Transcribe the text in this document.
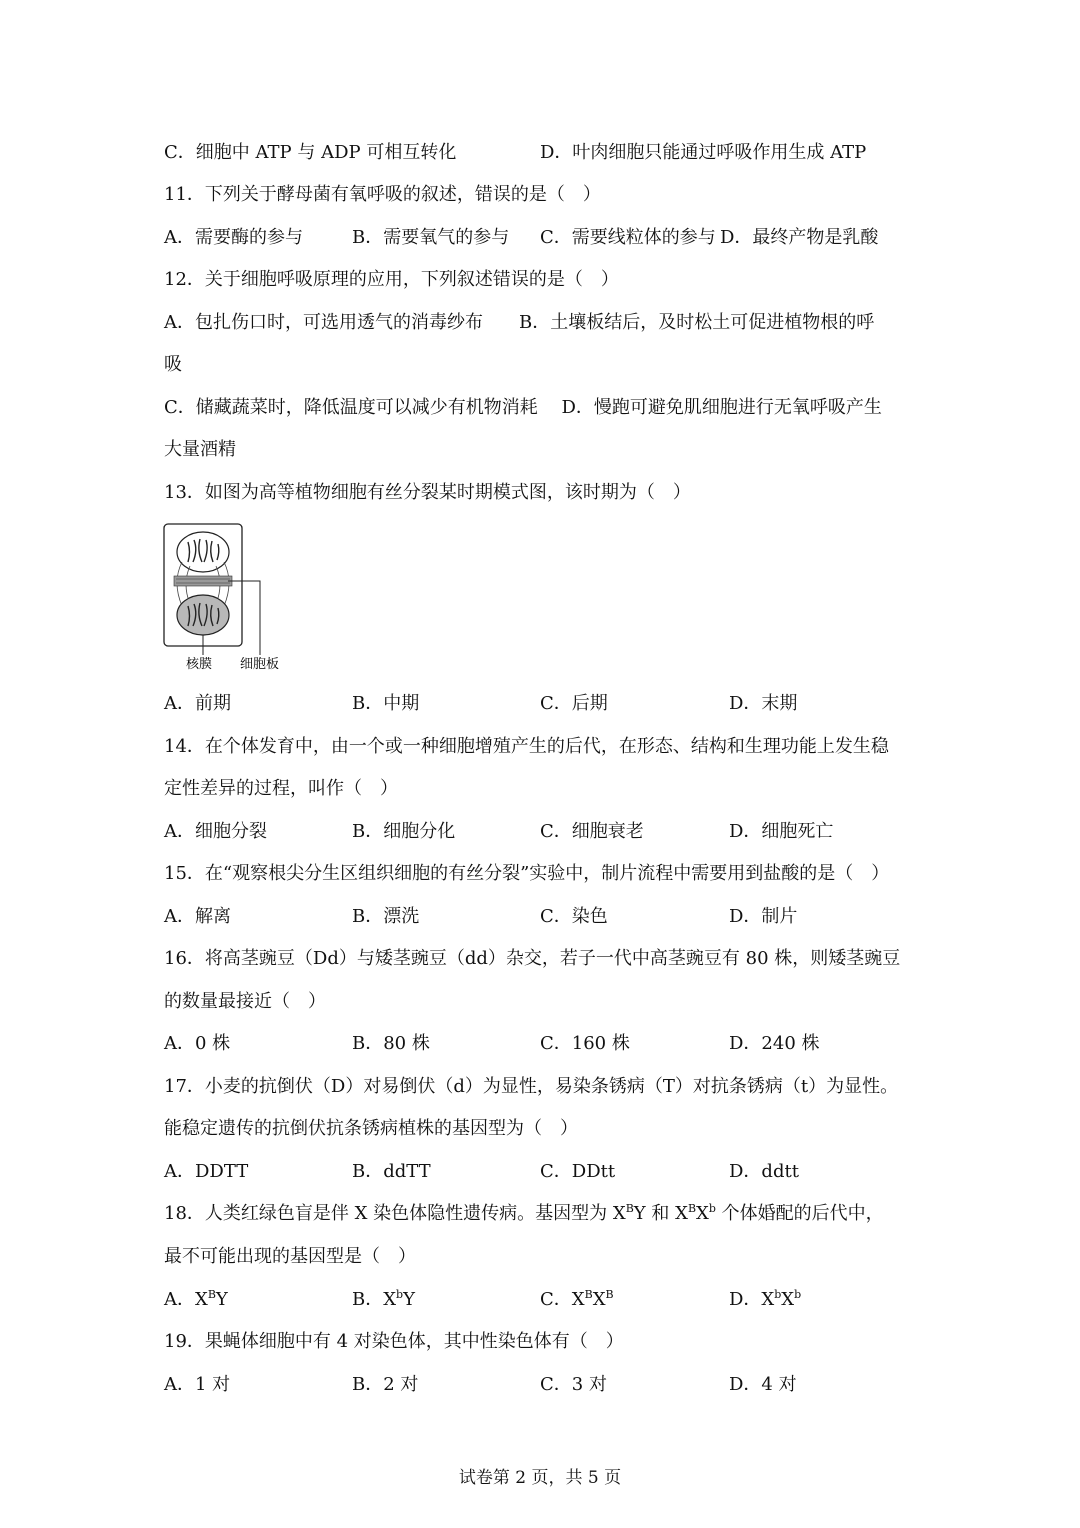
C．细胞中 ATP 与 ADP 可相互转化	D．叶肉细胞只能通过呼吸作用生成 ATP
11．下列关于酵母菌有氧呼吸的叙述，错误的是（　）
A．需要酶的参与	B．需要氧气的参与 C．需要线粒体的参与 D．最终产物是乳酸
12．关于细胞呼吸原理的应用，下列叙述错误的是（　）
A．包扎伤口时，可选用透气的消毒纱布　　B．土壤板结后，及时松土可促进植物根的呼
吸
C．储藏蔬菜时，降低温度可以减少有机物消耗　 D．慢跑可避免肌细胞进行无氧呼吸产生
大量酒精
13．如图为高等植物细胞有丝分裂某时期模式图，该时期为（　）
核膜 细胞板
A．前期	B．中期	C．后期	D．末期
14．在个体发育中，由一个或一种细胞增殖产生的后代，在形态、结构和生理功能上发生稳
定性差异的过程，叫作（　）
A．细胞分裂	B．细胞分化	C．细胞衰老	D．细胞死亡
15．在“观察根尖分生区组织细胞的有丝分裂”实验中，制片流程中需要用到盐酸的是（　）
A．解离	B．漂洗	C．染色	D．制片
16．将高茎豌豆（Dd）与矮茎豌豆（dd）杂交，若子一代中高茎豌豆有 80 株，则矮茎豌豆
的数量最接近（　）
A．0 株	B．80 株	C．160 株	D．240 株
17．小麦的抗倒伏（D）对易倒伏（d）为显性，易染条锈病（T）对抗条锈病（t）为显性。
能稳定遗传的抗倒伏抗条锈病植株的基因型为（　）
A．DDTT	B．ddTT	C．DDtt	D．ddtt
18．人类红绿色盲是伴 X 染色体隐性遗传病。基因型为 $X^BY$ 和 $X^BX^b$ 个体婚配的后代中，
最不可能出现的基因型是（　）
A．$X^BY$	B．$X^bY$	C．$X^BX^B$	D．$X^bX^b$
19．果蝇体细胞中有 4 对染色体，其中性染色体有（　）
A．1 对	B．2 对	C．3 对	D．4 对
试卷第 2 页，共 5 页
